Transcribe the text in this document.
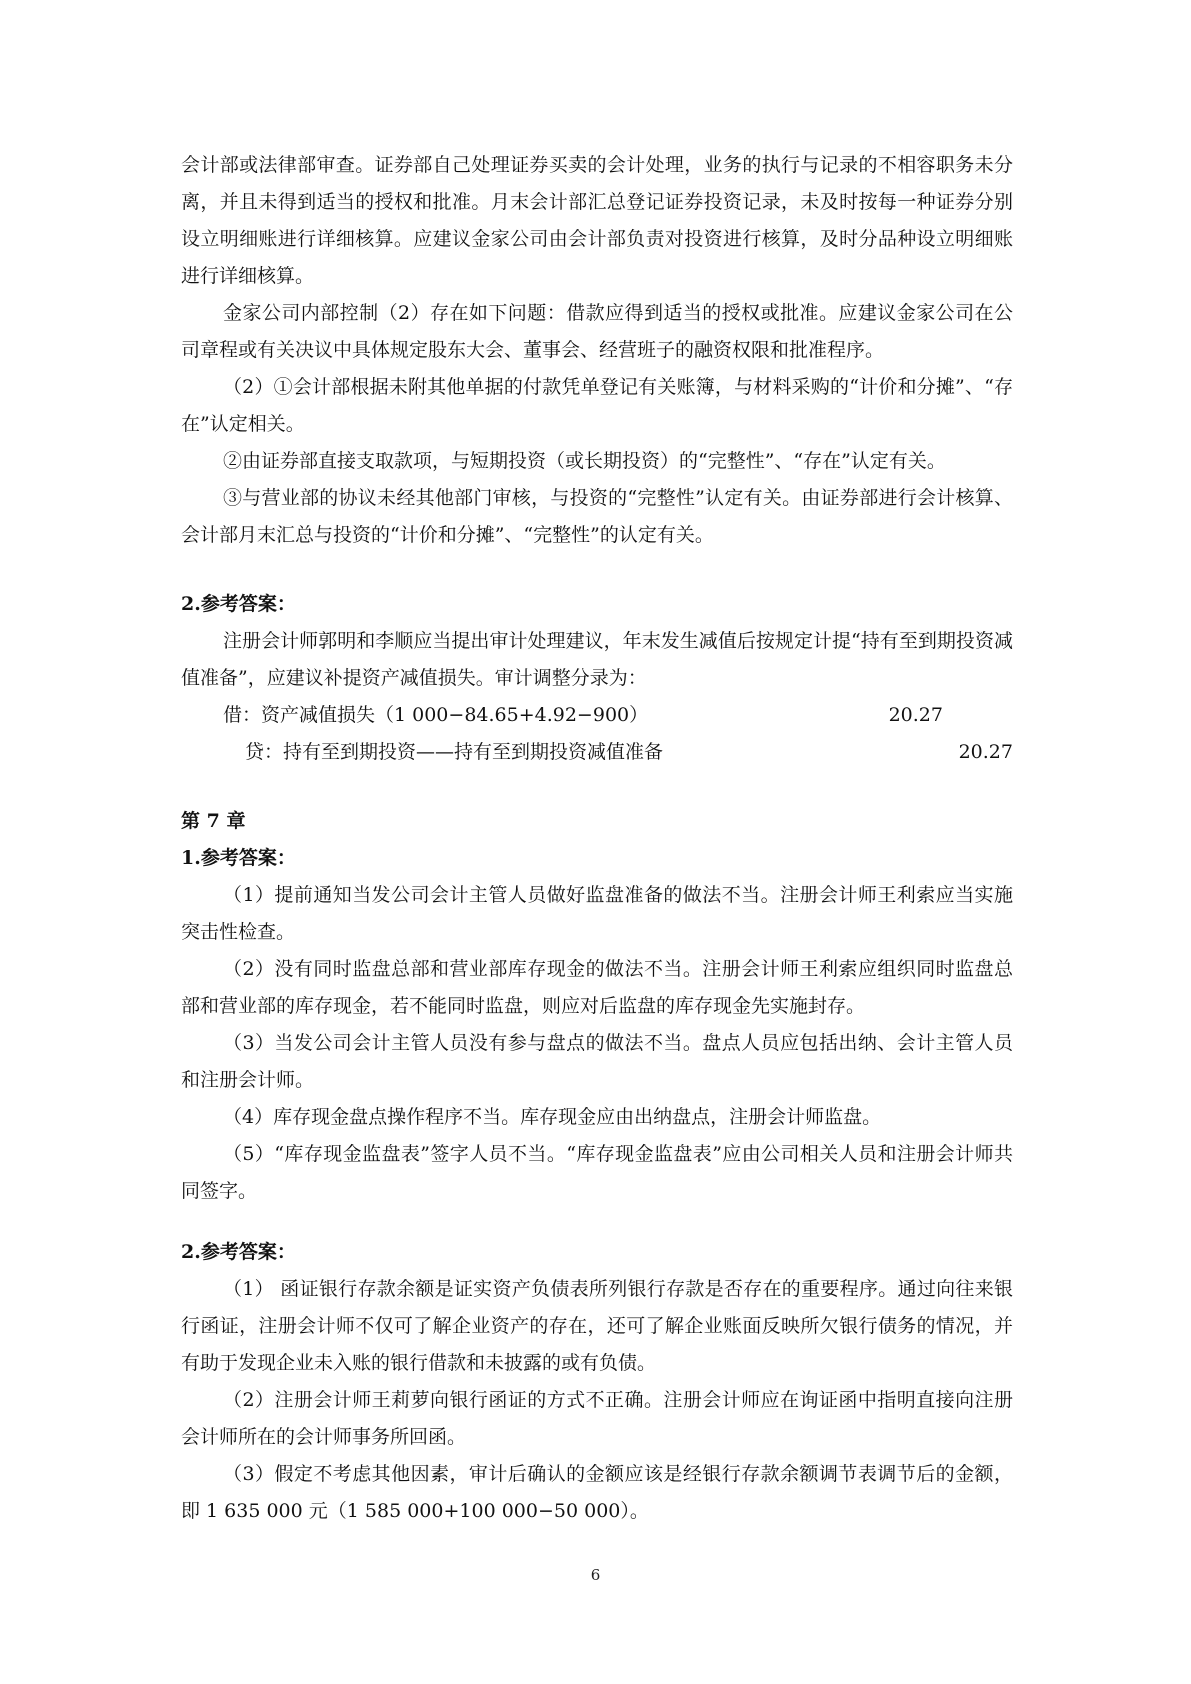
会计部或法律部审查。证券部自己处理证券买卖的会计处理，业务的执行与记录的不相容职务未分离，并且未得到适当的授权和批准。月末会计部汇总登记证券投资记录，未及时按每一种证券分别设立明细账进行详细核算。应建议金家公司由会计部负责对投资进行核算，及时分品种设立明细账进行详细核算。

金家公司内部控制（2）存在如下问题：借款应得到适当的授权或批准。应建议金家公司在公司章程或有关决议中具体规定股东大会、董事会、经营班子的融资权限和批准程序。

（2）①会计部根据未附其他单据的付款凭单登记有关账簿，与材料采购的“计价和分摊”、“存在”认定相关。

②由证券部直接支取款项，与短期投资（或长期投资）的“完整性”、“存在”认定有关。

③与营业部的协议未经其他部门审核，与投资的“完整性”认定有关。由证券部进行会计核算、会计部月末汇总与投资的“计价和分摊”、“完整性”的认定有关。

2.参考答案：

注册会计师郭明和李顺应当提出审计处理建议，年末发生减值后按规定计提“持有至到期投资减值准备”，应建议补提资产减值损失。审计调整分录为：

借：资产减值损失（1 000−84.65+4.92−900）	20.27
贷：持有至到期投资——持有至到期投资减值准备	20.27

第 7 章

1.参考答案：

（1）提前通知当发公司会计主管人员做好监盘准备的做法不当。注册会计师王利索应当实施突击性检查。

（2）没有同时监盘总部和营业部库存现金的做法不当。注册会计师王利索应组织同时监盘总部和营业部的库存现金，若不能同时监盘，则应对后监盘的库存现金先实施封存。

（3）当发公司会计主管人员没有参与盘点的做法不当。盘点人员应包括出纳、会计主管人员和注册会计师。

（4）库存现金盘点操作程序不当。库存现金应由出纳盘点，注册会计师监盘。

（5）“库存现金监盘表”签字人员不当。“库存现金监盘表”应由公司相关人员和注册会计师共同签字。

2.参考答案：

（1） 函证银行存款余额是证实资产负债表所列银行存款是否存在的重要程序。通过向往来银行函证，注册会计师不仅可了解企业资产的存在，还可了解企业账面反映所欠银行债务的情况，并有助于发现企业未入账的银行借款和未披露的或有负债。

（2）注册会计师王莉萝向银行函证的方式不正确。注册会计师应在询证函中指明直接向注册会计师所在的会计师事务所回函。

（3）假定不考虑其他因素，审计后确认的金额应该是经银行存款余额调节表调节后的金额，即 1 635 000 元（1 585 000+100 000−50 000）。

6
